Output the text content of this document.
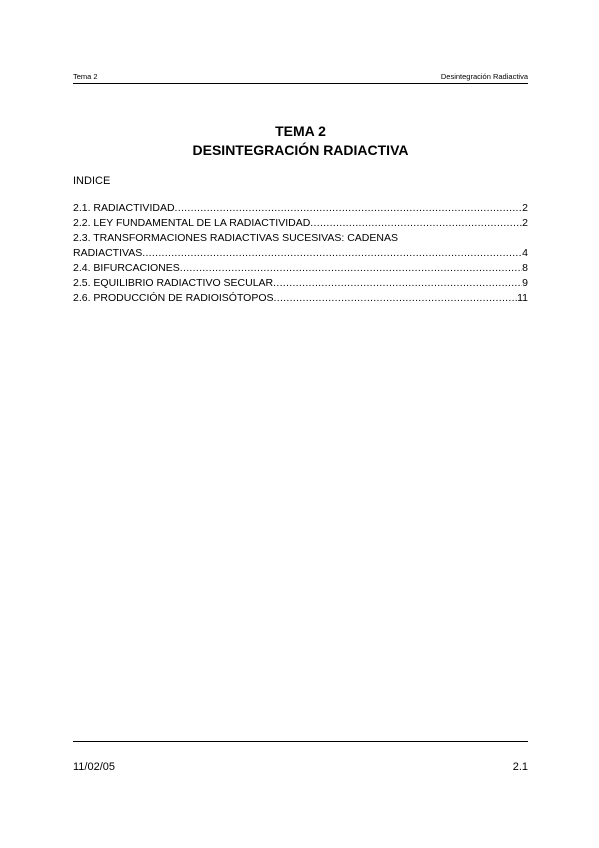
Tema 2	Desintegración Radiactiva
TEMA 2
DESINTEGRACIÓN RADIACTIVA
INDICE
2.1. RADIACTIVIDAD .....	2
2.2. LEY FUNDAMENTAL DE LA RADIACTIVIDAD .....	2
2.3. TRANSFORMACIONES RADIACTIVAS SUCESIVAS: CADENAS
RADIACTIVAS .....	4
2.4. BIFURCACIONES .....	8
2.5. EQUILIBRIO RADIACTIVO SECULAR .....	9
2.6. PRODUCCIÓN DE RADIOISÓTOPOS .....	11
11/02/05	2.1
